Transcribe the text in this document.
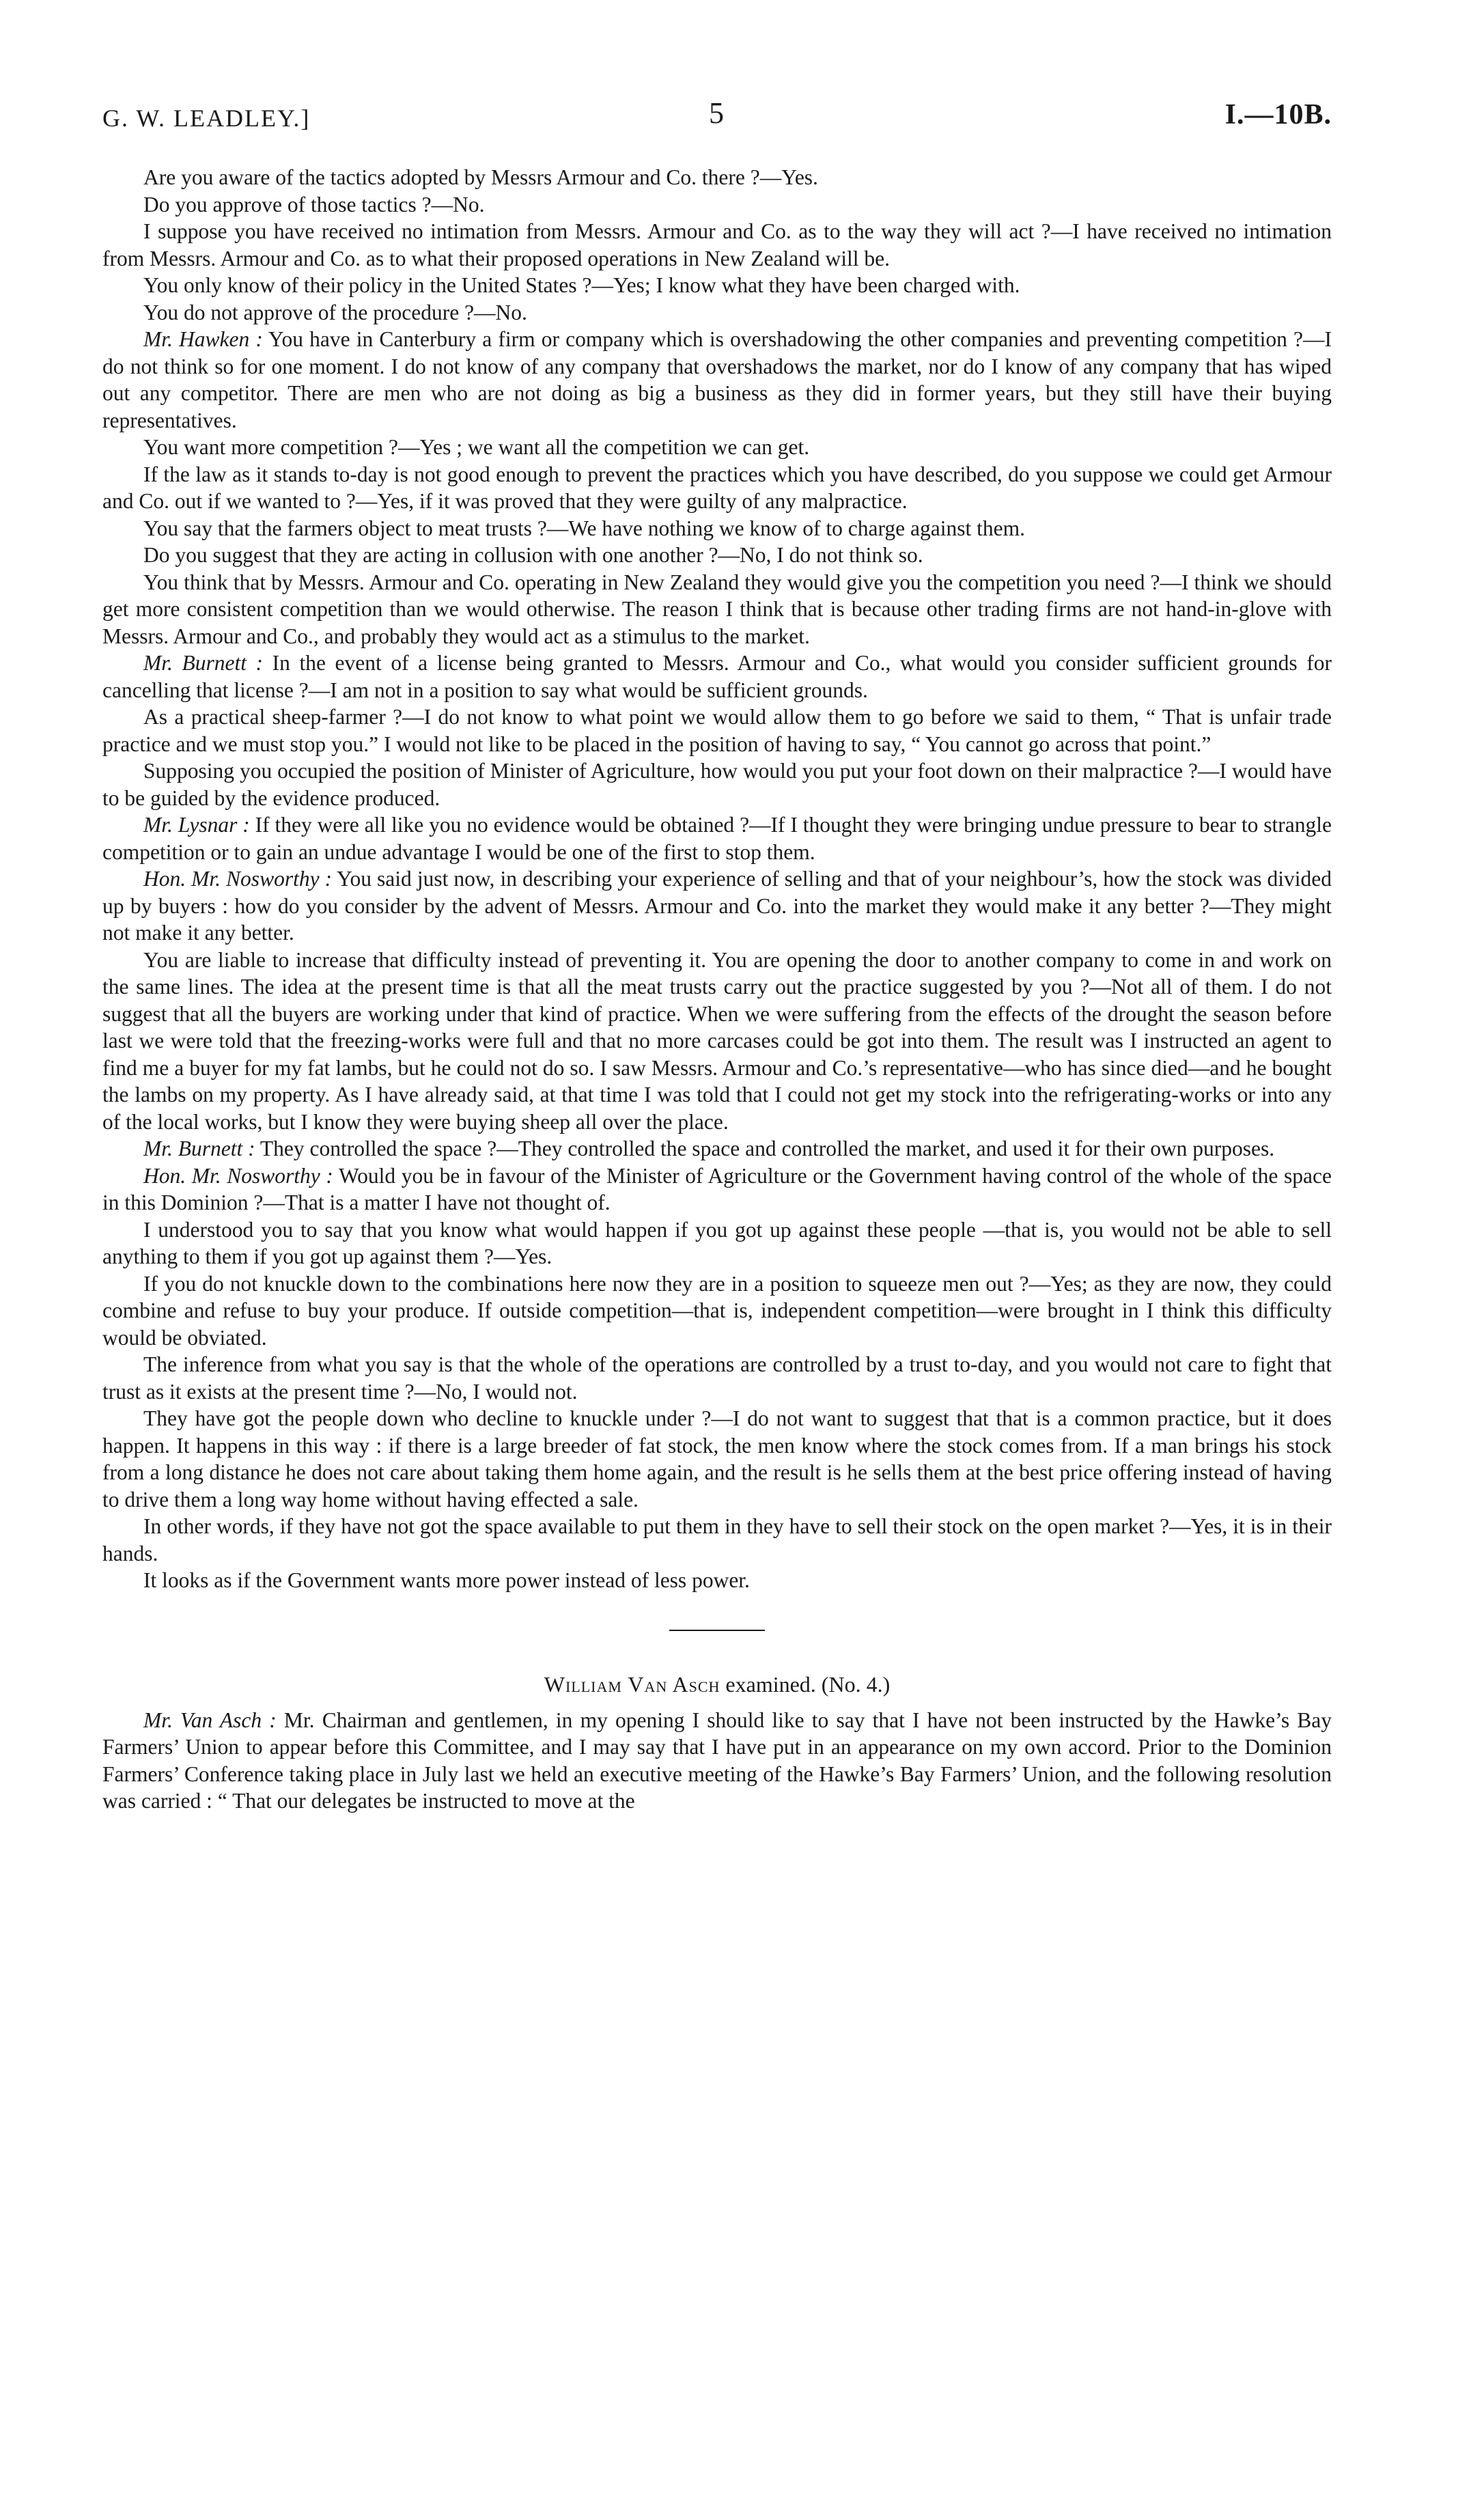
G. W. LEADLEY.]	5	I.—10B.

Are you aware of the tactics adopted by Messrs Armour and Co. there ?—Yes.

Do you approve of those tactics ?—No.

I suppose you have received no intimation from Messrs. Armour and Co. as to the way they will act ?—I have received no intimation from Messrs. Armour and Co. as to what their proposed operations in New Zealand will be.

You only know of their policy in the United States ?—Yes; I know what they have been charged with.

You do not approve of the procedure ?—No.

Mr. Hawken : You have in Canterbury a firm or company which is overshadowing the other companies and preventing competition ?—I do not think so for one moment. I do not know of any company that overshadows the market, nor do I know of any company that has wiped out any competitor. There are men who are not doing as big a business as they did in former years, but they still have their buying representatives.

You want more competition ?—Yes ; we want all the competition we can get.

If the law as it stands to-day is not good enough to prevent the practices which you have described, do you suppose we could get Armour and Co. out if we wanted to ?—Yes, if it was proved that they were guilty of any malpractice.

You say that the farmers object to meat trusts ?—We have nothing we know of to charge against them.

Do you suggest that they are acting in collusion with one another ?—No, I do not think so.

You think that by Messrs. Armour and Co. operating in New Zealand they would give you the competition you need ?—I think we should get more consistent competition than we would otherwise. The reason I think that is because other trading firms are not hand-in-glove with Messrs. Armour and Co., and probably they would act as a stimulus to the market.

Mr. Burnett : In the event of a license being granted to Messrs. Armour and Co., what would you consider sufficient grounds for cancelling that license ?—I am not in a position to say what would be sufficient grounds.

As a practical sheep-farmer ?—I do not know to what point we would allow them to go before we said to them, “ That is unfair trade practice and we must stop you.” I would not like to be placed in the position of having to say, “ You cannot go across that point.”

Supposing you occupied the position of Minister of Agriculture, how would you put your foot down on their malpractice ?—I would have to be guided by the evidence produced.

Mr. Lysnar : If they were all like you no evidence would be obtained ?—If I thought they were bringing undue pressure to bear to strangle competition or to gain an undue advantage I would be one of the first to stop them.

Hon. Mr. Nosworthy : You said just now, in describing your experience of selling and that of your neighbour’s, how the stock was divided up by buyers : how do you consider by the advent of Messrs. Armour and Co. into the market they would make it any better ?—They might not make it any better.

You are liable to increase that difficulty instead of preventing it. You are opening the door to another company to come in and work on the same lines. The idea at the present time is that all the meat trusts carry out the practice suggested by you ?—Not all of them. I do not suggest that all the buyers are working under that kind of practice. When we were suffering from the effects of the drought the season before last we were told that the freezing-works were full and that no more carcases could be got into them. The result was I instructed an agent to find me a buyer for my fat lambs, but he could not do so. I saw Messrs. Armour and Co.’s representative—who has since died—and he bought the lambs on my property. As I have already said, at that time I was told that I could not get my stock into the refrigerating-works or into any of the local works, but I know they were buying sheep all over the place.

Mr. Burnett : They controlled the space ?—They controlled the space and controlled the market, and used it for their own purposes.

Hon. Mr. Nosworthy : Would you be in favour of the Minister of Agriculture or the Government having control of the whole of the space in this Dominion ?—That is a matter I have not thought of.

I understood you to say that you know what would happen if you got up against these people —that is, you would not be able to sell anything to them if you got up against them ?—Yes.

If you do not knuckle down to the combinations here now they are in a position to squeeze men out ?—Yes; as they are now, they could combine and refuse to buy your produce. If outside competition—that is, independent competition—were brought in I think this difficulty would be obviated.

The inference from what you say is that the whole of the operations are controlled by a trust to-day, and you would not care to fight that trust as it exists at the present time ?—No, I would not.

They have got the people down who decline to knuckle under ?—I do not want to suggest that that is a common practice, but it does happen. It happens in this way : if there is a large breeder of fat stock, the men know where the stock comes from. If a man brings his stock from a long distance he does not care about taking them home again, and the result is he sells them at the best price offering instead of having to drive them a long way home without having effected a sale.

In other words, if they have not got the space available to put them in they have to sell their stock on the open market ?—Yes, it is in their hands.

It looks as if the Government wants more power instead of less power.

William Van Asch examined. (No. 4.)

Mr. Van Asch : Mr. Chairman and gentlemen, in my opening I should like to say that I have not been instructed by the Hawke’s Bay Farmers’ Union to appear before this Committee, and I may say that I have put in an appearance on my own accord. Prior to the Dominion Farmers’ Conference taking place in July last we held an executive meeting of the Hawke’s Bay Farmers’ Union, and the following resolution was carried : “ That our delegates be instructed to move at the
